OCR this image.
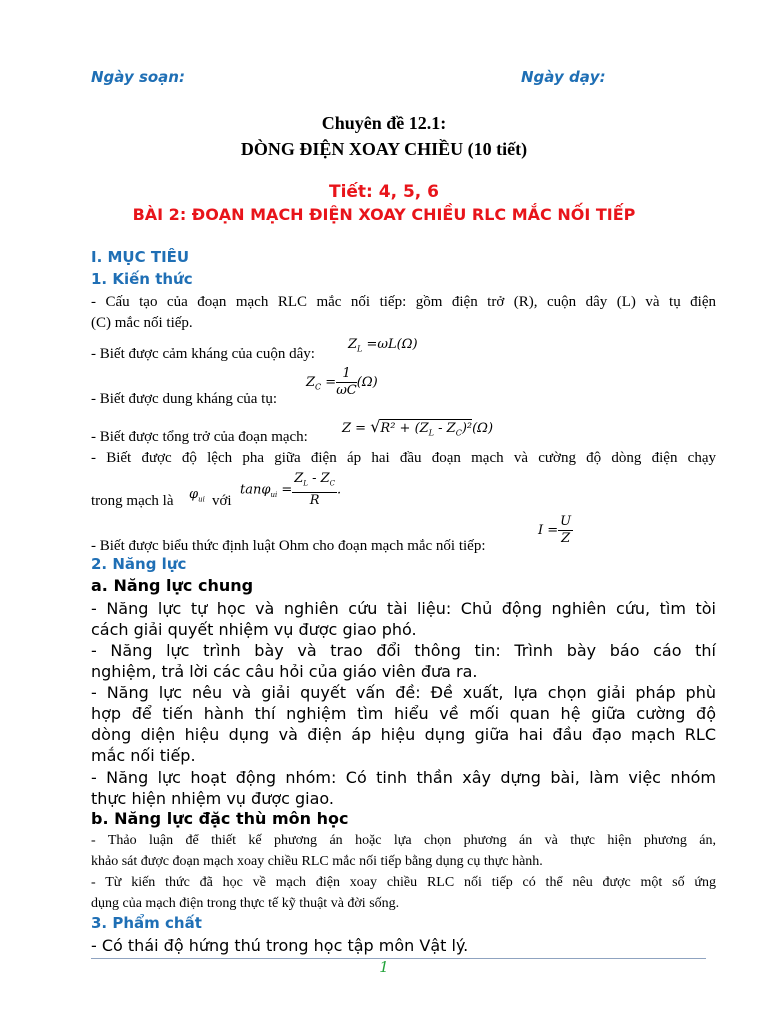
Ngày soạn:	Ngày dạy:
Chuyên đề 12.1:
DÒNG ĐIỆN XOAY CHIỀU (10 tiết)
Tiết: 4, 5, 6
BÀI 2: ĐOẠN MẠCH ĐIỆN XOAY CHIỀU RLC MẮC NỐI TIẾP
I. MỤC TIÊU
1. Kiến thức
- Cấu tạo của đoạn mạch RLC mắc nối tiếp: gồm điện trở (R), cuộn dây (L) và tụ điện
(C) mắc nối tiếp.
- Biết được cảm kháng của cuộn dây:
$Z_L =\omega L(\Omega)$
- Biết được dung kháng của tụ:
$Z_C = \frac{1}{\omega C} (\Omega)$
- Biết được tổng trở của đoạn mạch:
$Z = √R^2 + (Z_L - Z_C)^2(\Omega)$
- Biết được độ lệch pha giữa điện áp hai đầu đoạn mạch và cường độ dòng điện chạy
trong mạch là $\varphi_{ui}$ với
$\tan\varphi_{ui} = \frac{Z_L - Z_C}{R}$ .
- Biết được biểu thức định luật Ohm cho đoạn mạch mắc nối tiếp:
$I = \frac{U}{Z}$
2. Năng lực
a. Năng lực chung
- Năng lực tự học và nghiên cứu tài liệu: Chủ động nghiên cứu, tìm tòi
cách giải quyết nhiệm vụ được giao phó.
- Năng lực trình bày và trao đổi thông tin: Trình bày báo cáo thí
nghiệm, trả lời các câu hỏi của giáo viên đưa ra.
- Năng lực nêu và giải quyết vấn đề: Đề xuất, lựa chọn giải pháp phù
hợp để tiến hành thí nghiệm tìm hiểu về mối quan hệ giữa cường độ
dòng diện hiệu dụng và điện áp hiệu dụng giữa hai đầu đạo mạch RLC
mắc nối tiếp.
- Năng lực hoạt động nhóm: Có tinh thần xây dựng bài, làm việc nhóm
thực hiện nhiệm vụ được giao.
b. Năng lực đặc thù môn học
- Thảo luận để thiết kế phương án hoặc lựa chọn phương án và thực hiện phương án,
khảo sát được đoạn mạch xoay chiều RLC mắc nối tiếp bằng dụng cụ thực hành.
- Từ kiến thức đã học về mạch điện xoay chiều RLC nối tiếp có thể nêu được một số ứng
dụng của mạch điện trong thực tế kỹ thuật và đời sống.
3. Phẩm chất
- Có thái độ hứng thú trong học tập môn Vật lý.
1
